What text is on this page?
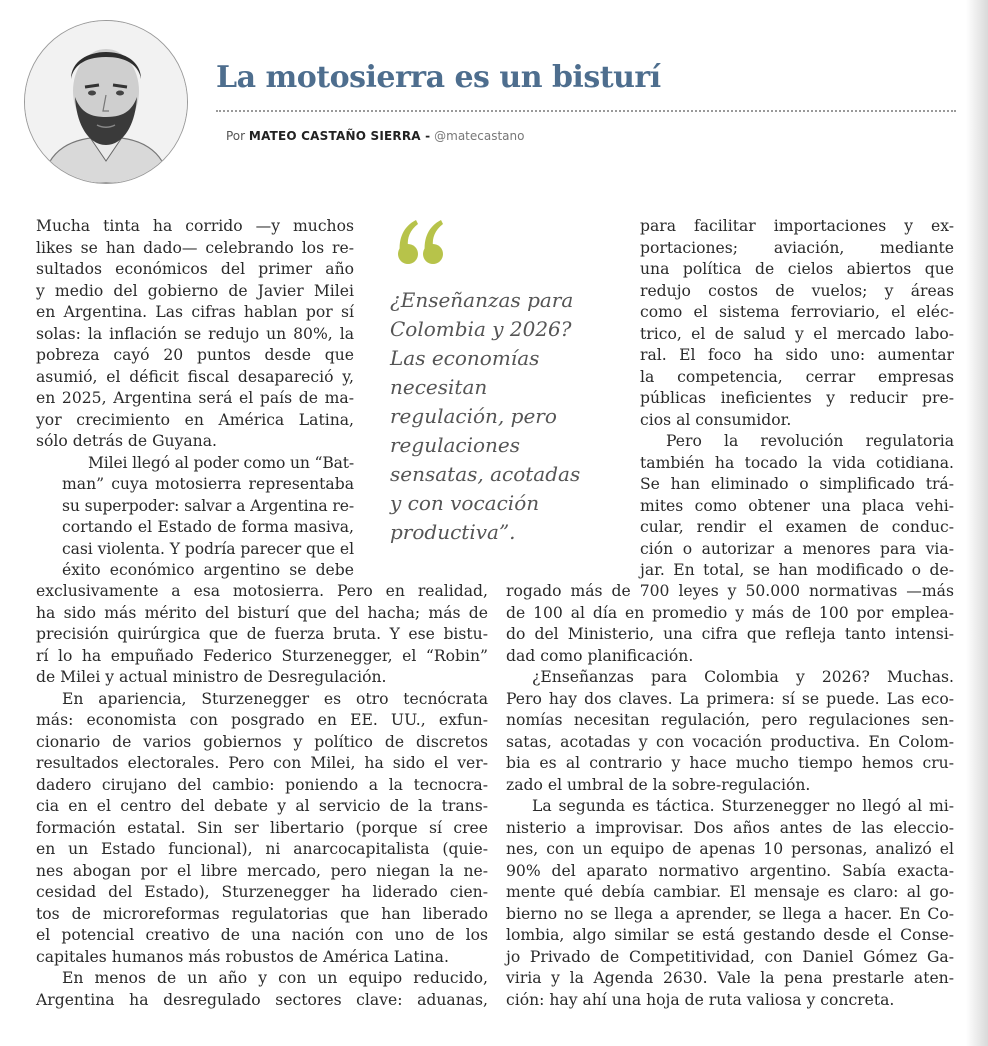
La motosierra es un bisturí
Por MATEO CASTAÑO SIERRA - @matecastano

Mucha tinta ha corrido —y muchos
likes se han dado— celebrando los re-
sultados económicos del primer año
y medio del gobierno de Javier Milei
en Argentina. Las cifras hablan por sí
solas: la inflación se redujo un 80%, la
pobreza cayó 20 puntos desde que
asumió, el déficit fiscal desapareció y,
en 2025, Argentina será el país de ma-
yor crecimiento en América Latina,
sólo detrás de Guyana.

Milei llegó al poder como un “Bat-
man” cuya motosierra representaba
su superpoder: salvar a Argentina re-
cortando el Estado de forma masiva,
casi violenta. Y podría parecer que el
éxito económico argentino se debe

¿Enseñanzas para
Colombia y 2026?
Las economías
necesitan
regulación, pero
regulaciones
sensatas, acotadas
y con vocación
productiva”.

exclusivamente a esa motosierra. Pero en realidad,
ha sido más mérito del bisturí que del hacha; más de
precisión quirúrgica que de fuerza bruta. Y ese bistu-
rí lo ha empuñado Federico Sturzenegger, el “Robin”
de Milei y actual ministro de Desregulación.

En apariencia, Sturzenegger es otro tecnócrata
más: economista con posgrado en EE. UU., exfun-
cionario de varios gobiernos y político de discretos
resultados electorales. Pero con Milei, ha sido el ver-
dadero cirujano del cambio: poniendo a la tecnocra-
cia en el centro del debate y al servicio de la trans-
formación estatal. Sin ser libertario (porque sí cree
en un Estado funcional), ni anarcocapitalista (quie-
nes abogan por el libre mercado, pero niegan la ne-
cesidad del Estado), Sturzenegger ha liderado cien-
tos de microreformas regulatorias que han liberado
el potencial creativo de una nación con uno de los
capitales humanos más robustos de América Latina.

En menos de un año y con un equipo reducido,
Argentina ha desregulado sectores clave: aduanas,

para facilitar importaciones y ex-
portaciones; aviación, mediante
una política de cielos abiertos que
redujo costos de vuelos; y áreas
como el sistema ferroviario, el eléc-
trico, el de salud y el mercado labo-
ral. El foco ha sido uno: aumentar
la competencia, cerrar empresas
públicas ineficientes y reducir pre-
cios al consumidor.

Pero la revolución regulatoria
también ha tocado la vida cotidiana.
Se han eliminado o simplificado trá-
mites como obtener una placa vehi-
cular, rendir el examen de conduc-
ción o autorizar a menores para via-
jar. En total, se han modificado o de-

rogado más de 700 leyes y 50.000 normativas —más
de 100 al día en promedio y más de 100 por emplea-
do del Ministerio, una cifra que refleja tanto intensi-
dad como planificación.

¿Enseñanzas para Colombia y 2026? Muchas.
Pero hay dos claves. La primera: sí se puede. Las eco-
nomías necesitan regulación, pero regulaciones sen-
satas, acotadas y con vocación productiva. En Colom-
bia es al contrario y hace mucho tiempo hemos cru-
zado el umbral de la sobre-regulación.

La segunda es táctica. Sturzenegger no llegó al mi-
nisterio a improvisar. Dos años antes de las eleccio-
nes, con un equipo de apenas 10 personas, analizó el
90% del aparato normativo argentino. Sabía exacta-
mente qué debía cambiar. El mensaje es claro: al go-
bierno no se llega a aprender, se llega a hacer. En Co-
lombia, algo similar se está gestando desde el Conse-
jo Privado de Competitividad, con Daniel Gómez Ga-
viria y la Agenda 2630. Vale la pena prestarle aten-
ción: hay ahí una hoja de ruta valiosa y concreta.
